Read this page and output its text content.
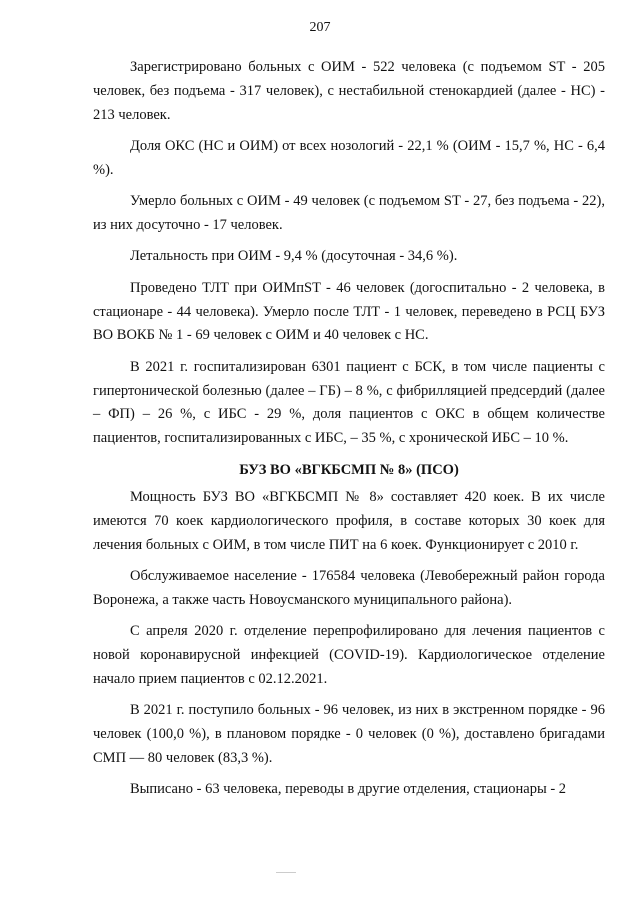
207

Зарегистрировано больных с ОИМ - 522 человека (с подъемом ST - 205 человек, без подъема - 317 человек), с нестабильной стенокардией (далее - НС) - 213 человек.

Доля ОКС (НС и ОИМ) от всех нозологий - 22,1 % (ОИМ - 15,7 %, НС - 6,4 %).

Умерло больных с ОИМ - 49 человек (с подъемом ST - 27, без подъема - 22), из них досуточно - 17 человек.

Летальность при ОИМ - 9,4 % (досуточная - 34,6 %).

Проведено ТЛТ при ОИМпST - 46 человек (догоспитально - 2 человека, в стационаре - 44 человека). Умерло после ТЛТ - 1 человек, переведено в РСЦ БУЗ ВО ВОКБ № 1 - 69 человек с ОИМ и 40 человек с НС.

В 2021 г. госпитализирован 6301 пациент с БСК, в том числе пациенты с гипертонической болезнью (далее – ГБ) – 8 %, с фибрилляцией предсердий (далее – ФП) – 26 %, с ИБС - 29 %, доля пациентов с ОКС в общем количестве пациентов, госпитализированных с ИБС, – 35 %, с хронической ИБС – 10 %.

БУЗ ВО «ВГКБСМП № 8» (ПСО)

Мощность БУЗ ВО «ВГКБСМП № 8» составляет 420 коек. В их числе имеются 70 коек кардиологического профиля, в составе которых 30 коек для лечения больных с ОИМ, в том числе ПИТ на 6 коек. Функционирует с 2010 г.

Обслуживаемое население - 176584 человека (Левобережный район города Воронежа, а также часть Новоусманского муниципального района).

С апреля 2020 г. отделение перепрофилировано для лечения пациентов с новой коронавирусной инфекцией (COVID-19). Кардиологическое отделение начало прием пациентов с 02.12.2021.

В 2021 г. поступило больных - 96 человек, из них в экстренном порядке - 96 человек (100,0 %), в плановом порядке - 0 человек (0 %), доставлено бригадами СМП — 80 человек (83,3 %).

Выписано - 63 человека, переводы в другие отделения, стационары - 2
